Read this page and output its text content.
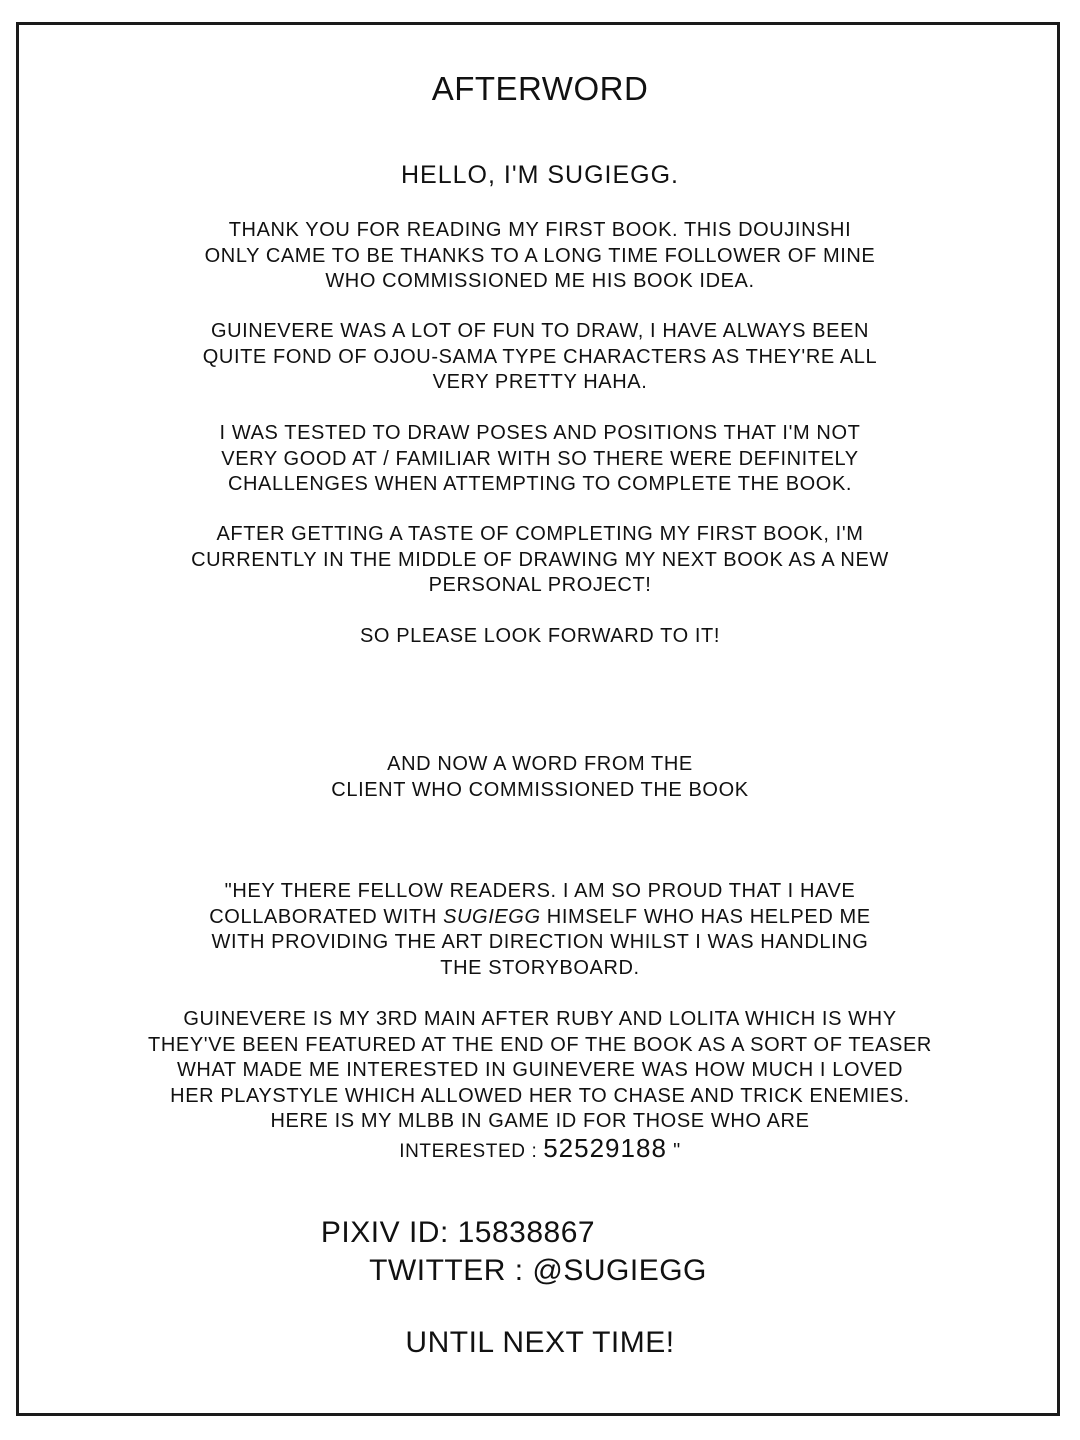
AFTERWORD
HELLO, I'M SUGIEGG.
THANK YOU FOR READING MY FIRST BOOK. THIS DOUJINSHI
ONLY CAME TO BE THANKS TO A LONG TIME FOLLOWER OF MINE
WHO COMMISSIONED ME HIS BOOK IDEA.
GUINEVERE WAS A LOT OF FUN TO DRAW, I HAVE ALWAYS BEEN
QUITE FOND OF OJOU-SAMA TYPE CHARACTERS AS THEY'RE ALL
VERY PRETTY HAHA.
I WAS TESTED TO DRAW POSES AND POSITIONS THAT I'M NOT
VERY GOOD AT / FAMILIAR WITH SO THERE WERE DEFINITELY
CHALLENGES WHEN ATTEMPTING TO COMPLETE THE BOOK.
AFTER GETTING A TASTE OF COMPLETING MY FIRST BOOK, I'M
CURRENTLY IN THE MIDDLE OF DRAWING MY NEXT BOOK AS A NEW
PERSONAL PROJECT!
SO PLEASE LOOK FORWARD TO IT!
AND NOW A WORD FROM THE
CLIENT WHO COMMISSIONED THE BOOK
"HEY THERE FELLOW READERS. I AM SO PROUD THAT I HAVE
COLLABORATED WITH SUGIEGG HIMSELF WHO HAS HELPED ME
WITH PROVIDING THE ART DIRECTION WHILST I WAS HANDLING
THE STORYBOARD.
GUINEVERE IS MY 3RD MAIN AFTER RUBY AND LOLITA WHICH IS WHY
THEY'VE BEEN FEATURED AT THE END OF THE BOOK AS A SORT OF TEASER
WHAT MADE ME INTERESTED IN GUINEVERE WAS HOW MUCH I LOVED
HER PLAYSTYLE WHICH ALLOWED HER TO CHASE AND TRICK ENEMIES.
HERE IS MY MLBB IN GAME ID FOR THOSE WHO ARE
INTERESTED : 52529188 "
PIXIV ID: 15838867
TWITTER : @SUGIEGG
UNTIL NEXT TIME!
